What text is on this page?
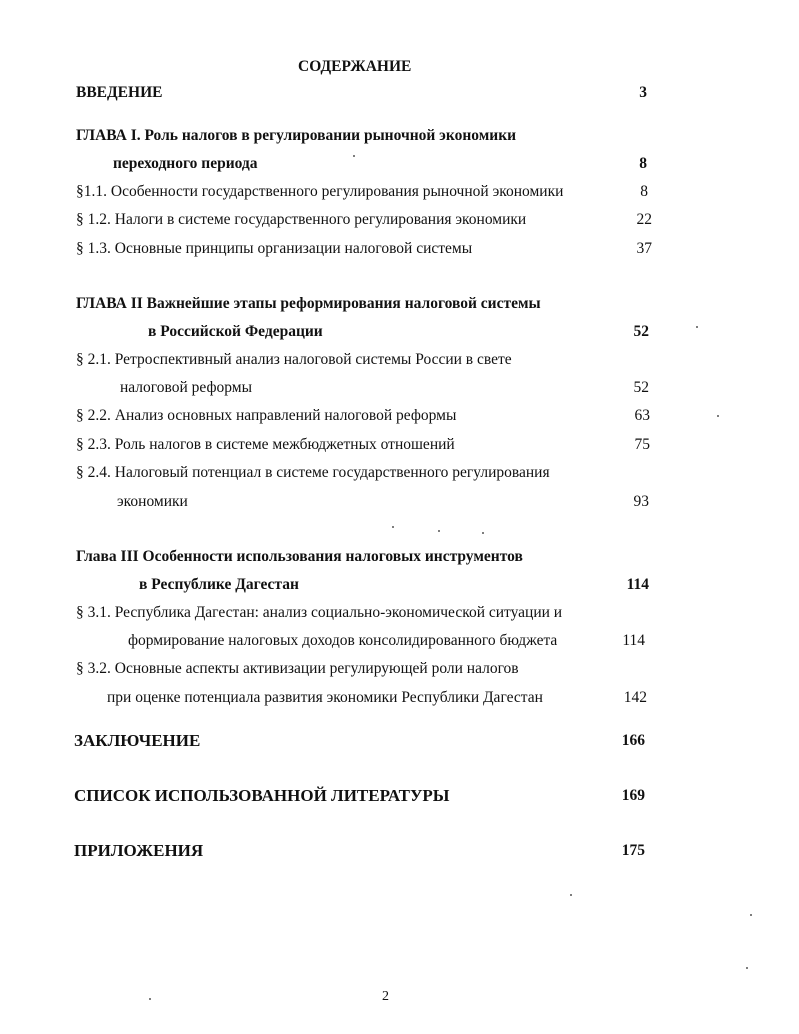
СОДЕРЖАНИЕ
ВВЕДЕНИЕ	3
ГЛАВА I. Роль налогов в регулировании рыночной экономики
переходного периода	8
§1.1. Особенности государственного регулирования рыночной экономики	8
§ 1.2. Налоги в системе государственного регулирования экономики	22
§ 1.3. Основные принципы организации налоговой системы	37
ГЛАВА II Важнейшие этапы реформирования налоговой системы
в Российской Федерации	52
§ 2.1. Ретроспективный анализ налоговой системы России в свете
налоговой реформы	52
§ 2.2. Анализ основных направлений налоговой реформы	63
§ 2.3. Роль налогов в системе межбюджетных отношений	75
§ 2.4. Налоговый потенциал в системе государственного регулирования
экономики	93
Глава III Особенности использования налоговых инструментов
в Республике Дагестан	114
§ 3.1. Республика Дагестан: анализ социально-экономической ситуации и
формирование налоговых доходов консолидированного бюджета	114
§ 3.2. Основные аспекты активизации регулирующей роли налогов
при оценке потенциала развития экономики Республики Дагестан	142
ЗАКЛЮЧЕНИЕ	166
СПИСОК ИСПОЛЬЗОВАННОЙ ЛИТЕРАТУРЫ	169
ПРИЛОЖЕНИЯ	175
2
